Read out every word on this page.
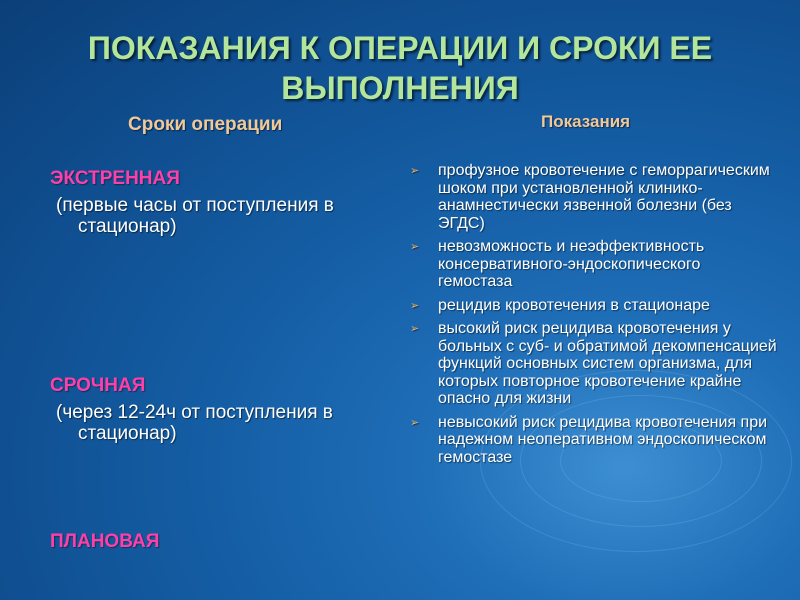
ПОКАЗАНИЯ К ОПЕРАЦИИ И СРОКИ ЕЕ
ВЫПОЛНЕНИЯ
Сроки операции	Показания
ЭКСТРЕННАЯ
(первые часы от поступления в
стационар)
СРОЧНАЯ
(через 12-24ч от поступления в
стационар)
ПЛАНОВАЯ
➢ профузное кровотечение с геморрагическим шоком при установленной клинико-анамнестически язвенной болезни (без ЭГДС)
➢ невозможность и неэффективность консервативного-эндоскопического гемостаза
➢ рецидив кровотечения в стационаре
➢ высокий риск рецидива кровотечения у больных с суб- и обратимой декомпенсацией функций основных систем организма, для которых повторное кровотечение крайне опасно для жизни
➢ невысокий риск рецидива кровотечения при надежном неоперативном эндоскопическом гемостазе
